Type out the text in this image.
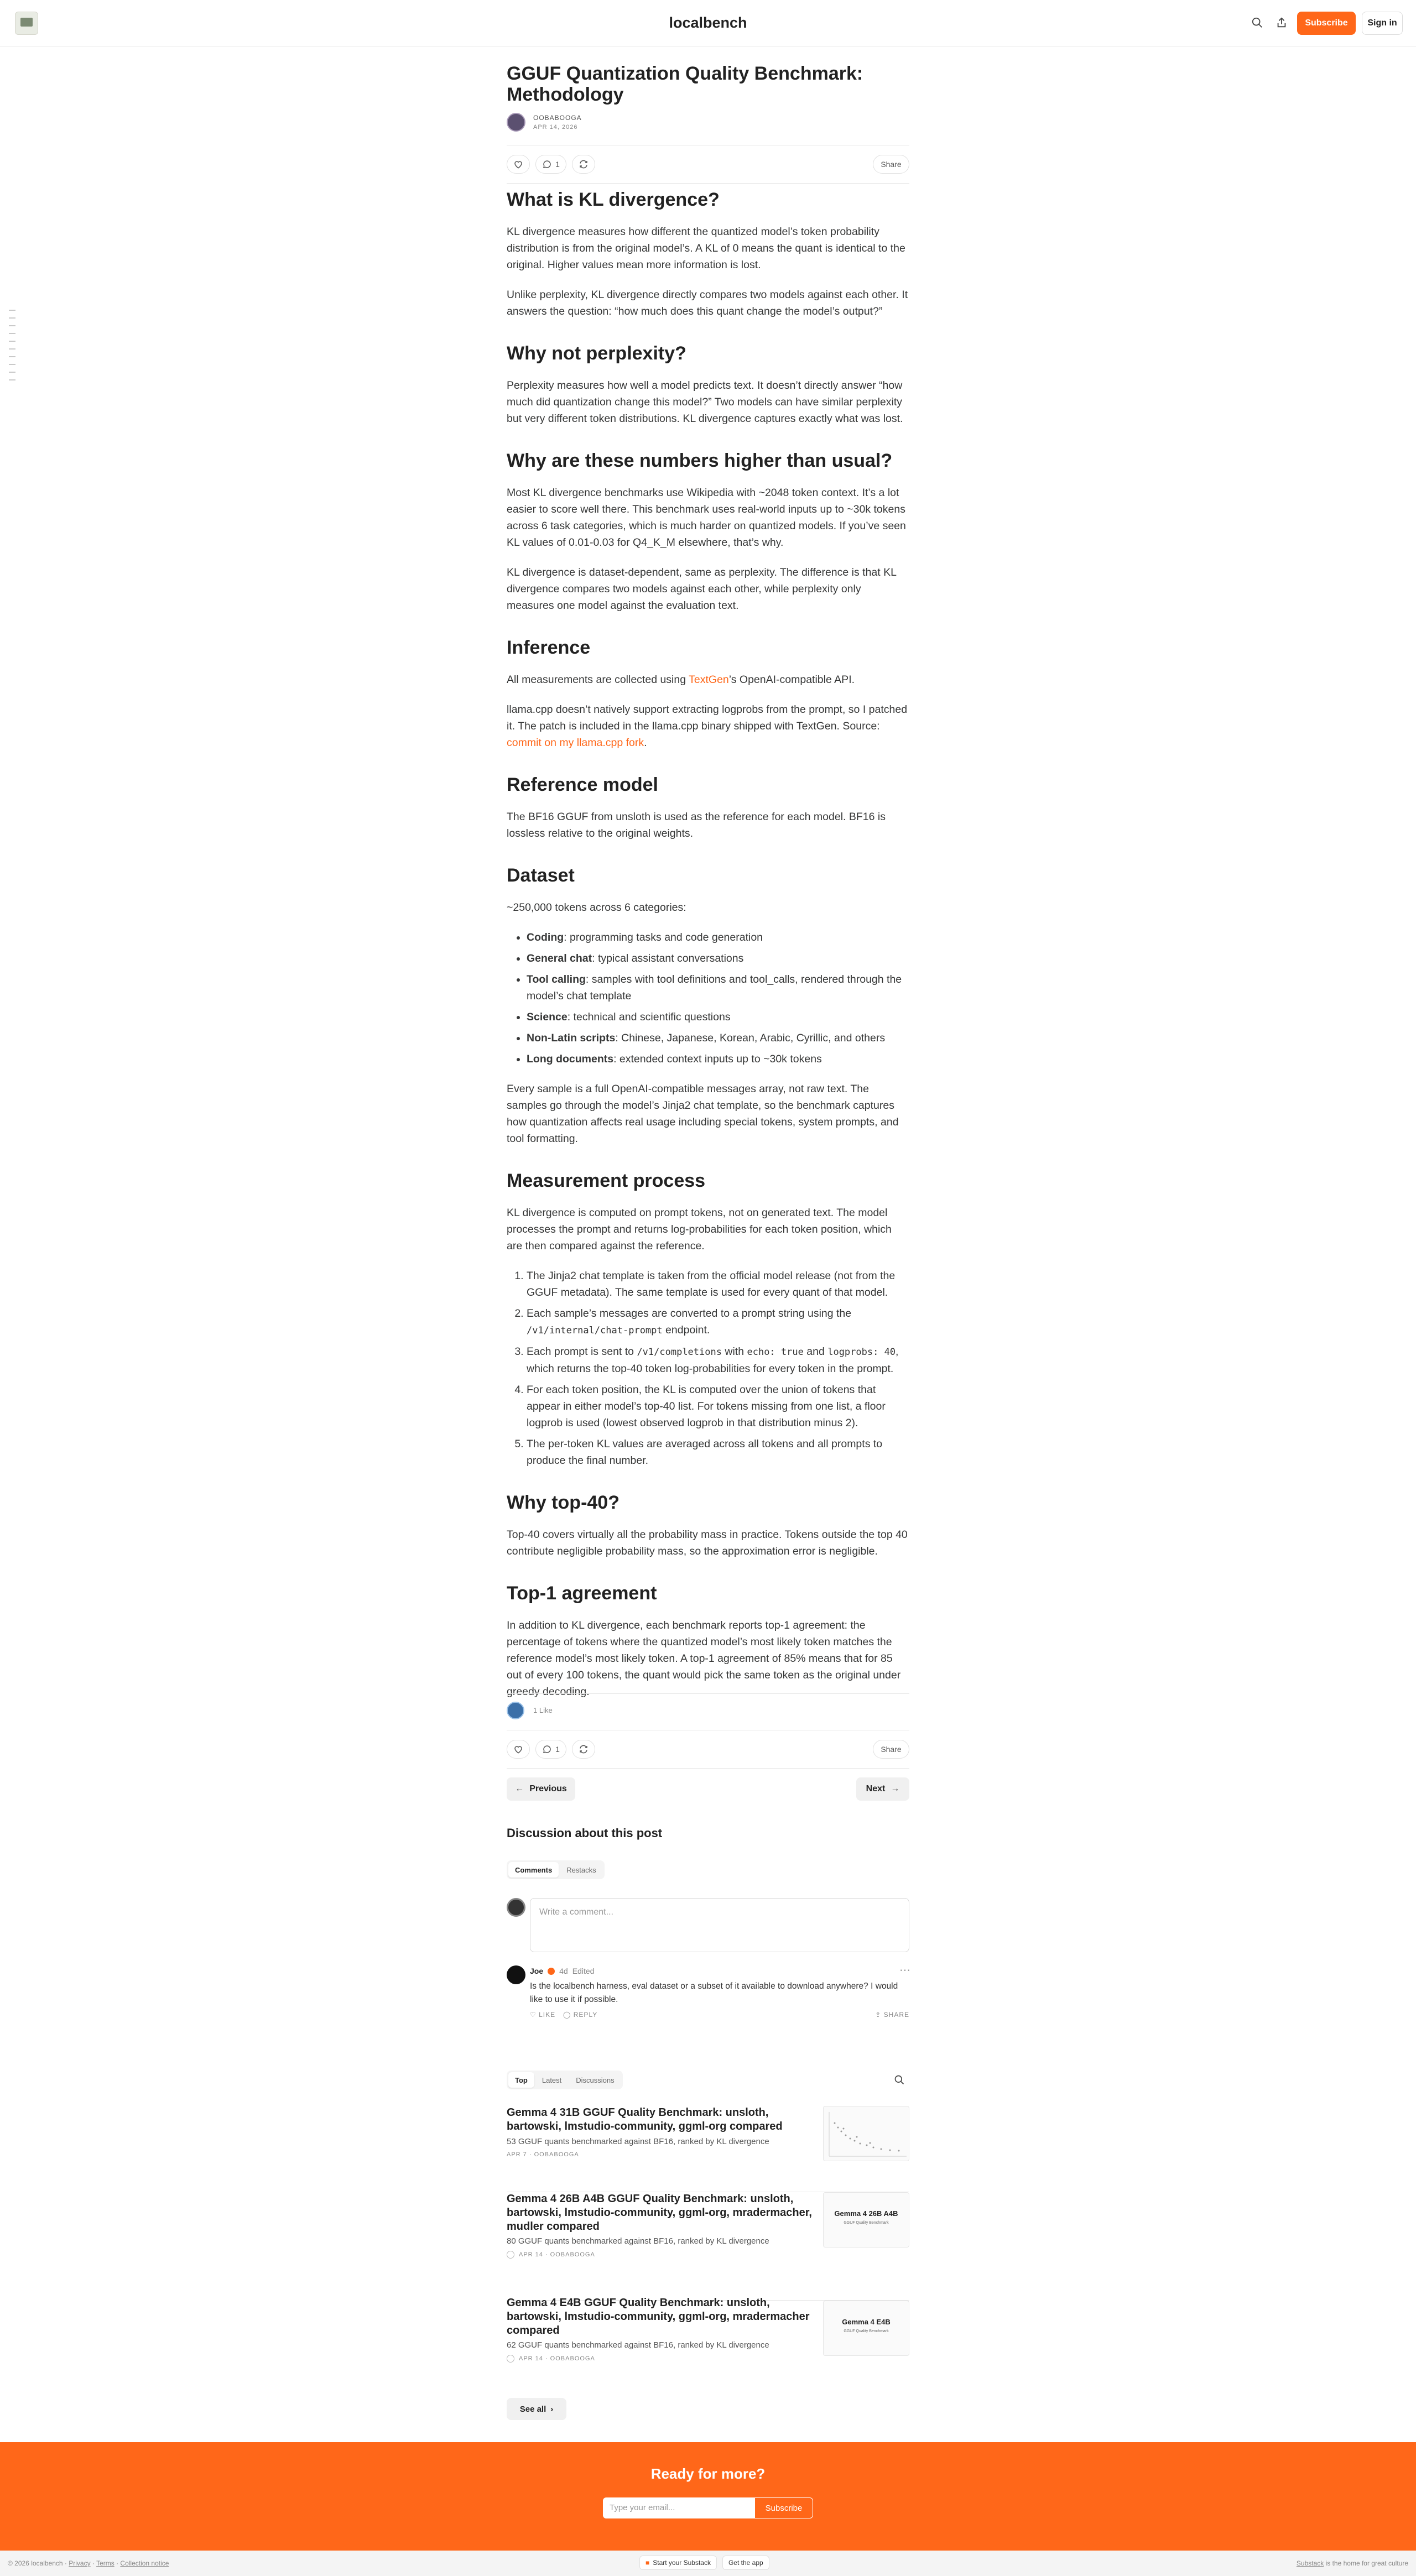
localbench	Subscribe	Sign in
GGUF Quantization Quality Benchmark: Methodology
OOBABOOGA
APR 14, 2026
1	Share
What is KL divergence?

KL divergence measures how different the quantized model’s token probability distribution is from the original model’s. A KL of 0 means the quant is identical to the original. Higher values mean more information is lost.

Unlike perplexity, KL divergence directly compares two models against each other. It answers the question: “how much does this quant change the model’s output?”

Why not perplexity?

Perplexity measures how well a model predicts text. It doesn’t directly answer “how much did quantization change this model?” Two models can have similar perplexity but very different token distributions. KL divergence captures exactly what was lost.

Why are these numbers higher than usual?

Most KL divergence benchmarks use Wikipedia with ~2048 token context. It’s a lot easier to score well there. This benchmark uses real-world inputs up to ~30k tokens across 6 task categories, which is much harder on quantized models. If you’ve seen KL values of 0.01-0.03 for Q4_K_M elsewhere, that’s why.

KL divergence is dataset-dependent, same as perplexity. The difference is that KL divergence compares two models against each other, while perplexity only measures one model against the evaluation text.

Inference

All measurements are collected using TextGen’s OpenAI-compatible API.

llama.cpp doesn’t natively support extracting logprobs from the prompt, so I patched it. The patch is included in the llama.cpp binary shipped with TextGen. Source: commit on my llama.cpp fork.

Reference model

The BF16 GGUF from unsloth is used as the reference for each model. BF16 is lossless relative to the original weights.

Dataset

~250,000 tokens across 6 categories:

• Coding: programming tasks and code generation
• General chat: typical assistant conversations
• Tool calling: samples with tool definitions and tool_calls, rendered through the model’s chat template
• Science: technical and scientific questions
• Non-Latin scripts: Chinese, Japanese, Korean, Arabic, Cyrillic, and others
• Long documents: extended context inputs up to ~30k tokens

Every sample is a full OpenAI-compatible messages array, not raw text. The samples go through the model’s Jinja2 chat template, so the benchmark captures how quantization affects real usage including special tokens, system prompts, and tool formatting.

Measurement process

KL divergence is computed on prompt tokens, not on generated text. The model processes the prompt and returns log-probabilities for each token position, which are then compared against the reference.

1. The Jinja2 chat template is taken from the official model release (not from the GGUF metadata). The same template is used for every quant of that model.
2. Each sample’s messages are converted to a prompt string using the /v1/internal/chat-prompt endpoint.
3. Each prompt is sent to /v1/completions with echo: true and logprobs: 40, which returns the top-40 token log-probabilities for every token in the prompt.
4. For each token position, the KL is computed over the union of tokens that appear in either model’s top-40 list. For tokens missing from one list, a floor logprob is used (lowest observed logprob in that distribution minus 2).
5. The per-token KL values are averaged across all tokens and all prompts to produce the final number.
Why top-40?

Top-40 covers virtually all the probability mass in practice. Tokens outside the top 40 contribute negligible probability mass, so the approximation error is negligible.

Top-1 agreement

In addition to KL divergence, each benchmark reports top-1 agreement: the percentage of tokens where the quantized model’s most likely token matches the reference model’s most likely token. A top-1 agreement of 85% means that for 85 out of every 100 tokens, the quant would pick the same token as the original under greedy decoding.

1 Like
1	Share
← Previous	Next →
Discussion about this post
Comments	Restacks
Write a comment...
Joe 4d Edited	⋯
Is the localbench harness, eval dataset or a subset of it available to download anywhere? I would like to use it if possible.
♡ LIKE ◯ REPLY	⇪ SHARE
Top	Latest	Discussions
Gemma 4 31B GGUF Quality Benchmark: unsloth, bartowski, lmstudio-community, ggml-org compared
53 GGUF quants benchmarked against BF16, ranked by KL divergence
APR 7 · OOBABOOGA
Gemma 4 26B A4B GGUF Quality Benchmark: unsloth, bartowski, lmstudio-community, ggml-org, mradermacher, mudler compared
80 GGUF quants benchmarked against BF16, ranked by KL divergence
APR 14 · OOBABOOGA
Gemma 4 26B A4B
GGUF Quality Benchmark
Gemma 4 E4B GGUF Quality Benchmark: unsloth, bartowski, lmstudio-community, ggml-org, mradermacher compared
62 GGUF quants benchmarked against BF16, ranked by KL divergence
APR 14 · OOBABOOGA
Gemma 4 E4B
GGUF Quality Benchmark
See all ›
Ready for more?
Type your email...	Subscribe
© 2026 localbench · Privacy · Terms · Collection notice	■ Start your Substack	Get the app	Substack is the home for great culture
